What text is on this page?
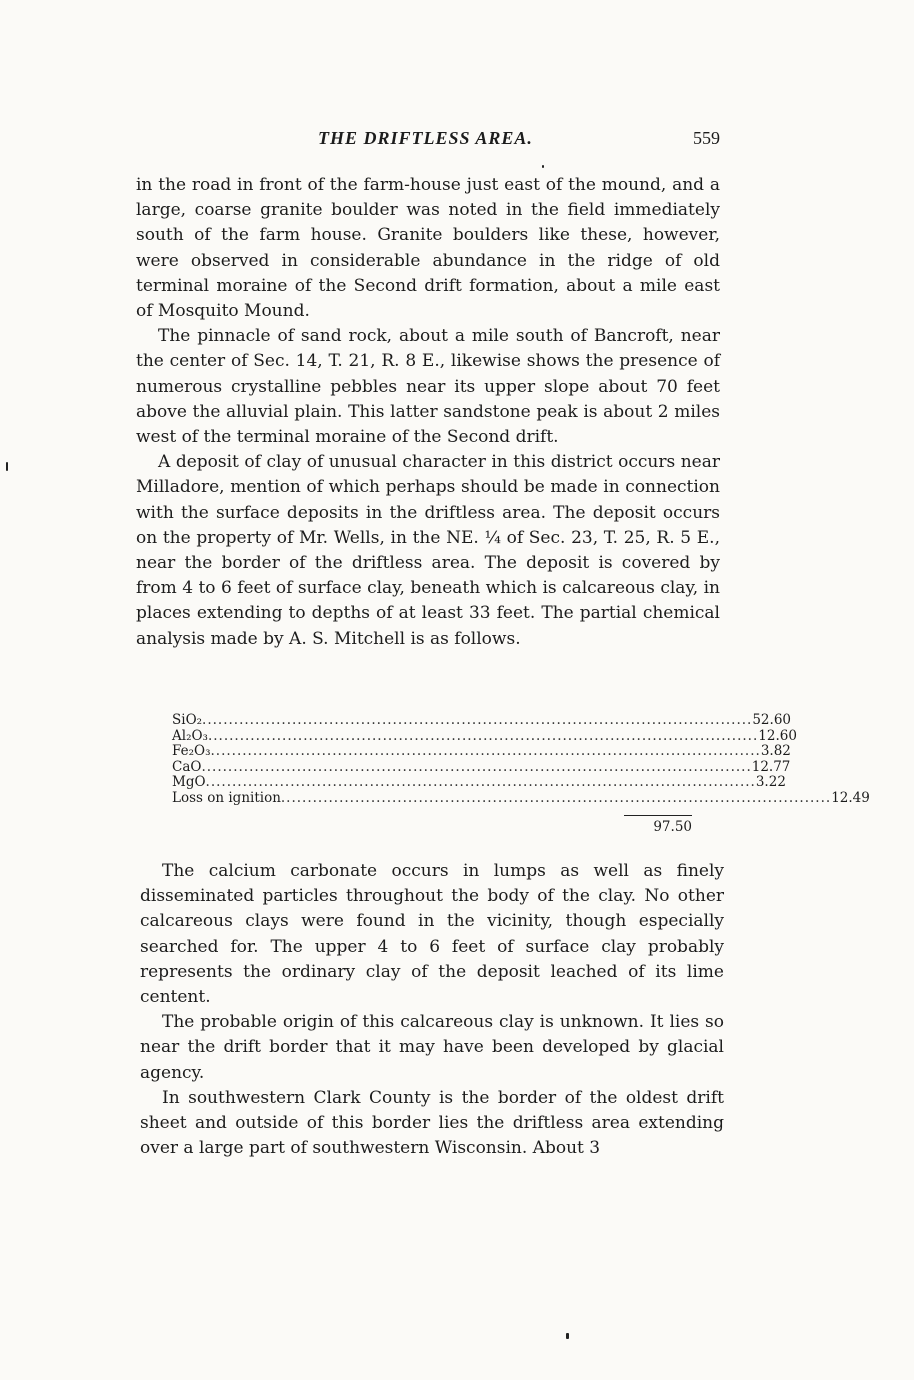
THE DRIFTLESS AREA.	559

in the road in front of the farm-house just east of the mound, and a large, coarse granite boulder was noted in the field immediately south of the farm house. Granite boulders like these, however, were observed in considerable abundance in the ridge of old terminal moraine of the Second drift formation, about a mile east of Mosquito Mound.

The pinnacle of sand rock, about a mile south of Bancroft, near the center of Sec. 14, T. 21, R. 8 E., likewise shows the presence of numerous crystalline pebbles near its upper slope about 70 feet above the alluvial plain. This latter sandstone peak is about 2 miles west of the terminal moraine of the Second drift.

A deposit of clay of unusual character in this district occurs near Milladore, mention of which perhaps should be made in connection with the surface deposits in the driftless area. The deposit occurs on the property of Mr. Wells, in the NE. ¼ of Sec. 23, T. 25, R. 5 E., near the border of the driftless area. The deposit is covered by from 4 to 6 feet of surface clay, beneath which is calcareous clay, in places extending to depths of at least 33 feet. The partial chemical analysis made by A. S. Mitchell is as follows.

SiO₂ ........................................................................................................ 52.60
Al₂O₃ ........................................................................................................ 12.60
Fe₂O₃ ........................................................................................................ 3.82
CaO ........................................................................................................ 12.77
MgO ........................................................................................................ 3.22
Loss on ignition ........................................................................................................ 12.49
97.50

The calcium carbonate occurs in lumps as well as finely disseminated particles throughout the body of the clay. No other calcareous clays were found in the vicinity, though especially searched for. The upper 4 to 6 feet of surface clay probably represents the ordinary clay of the deposit leached of its lime centent.

The probable origin of this calcareous clay is unknown. It lies so near the drift border that it may have been developed by glacial agency.

In southwestern Clark County is the border of the oldest drift sheet and outside of this border lies the driftless area extending over a large part of southwestern Wisconsin. About 3
